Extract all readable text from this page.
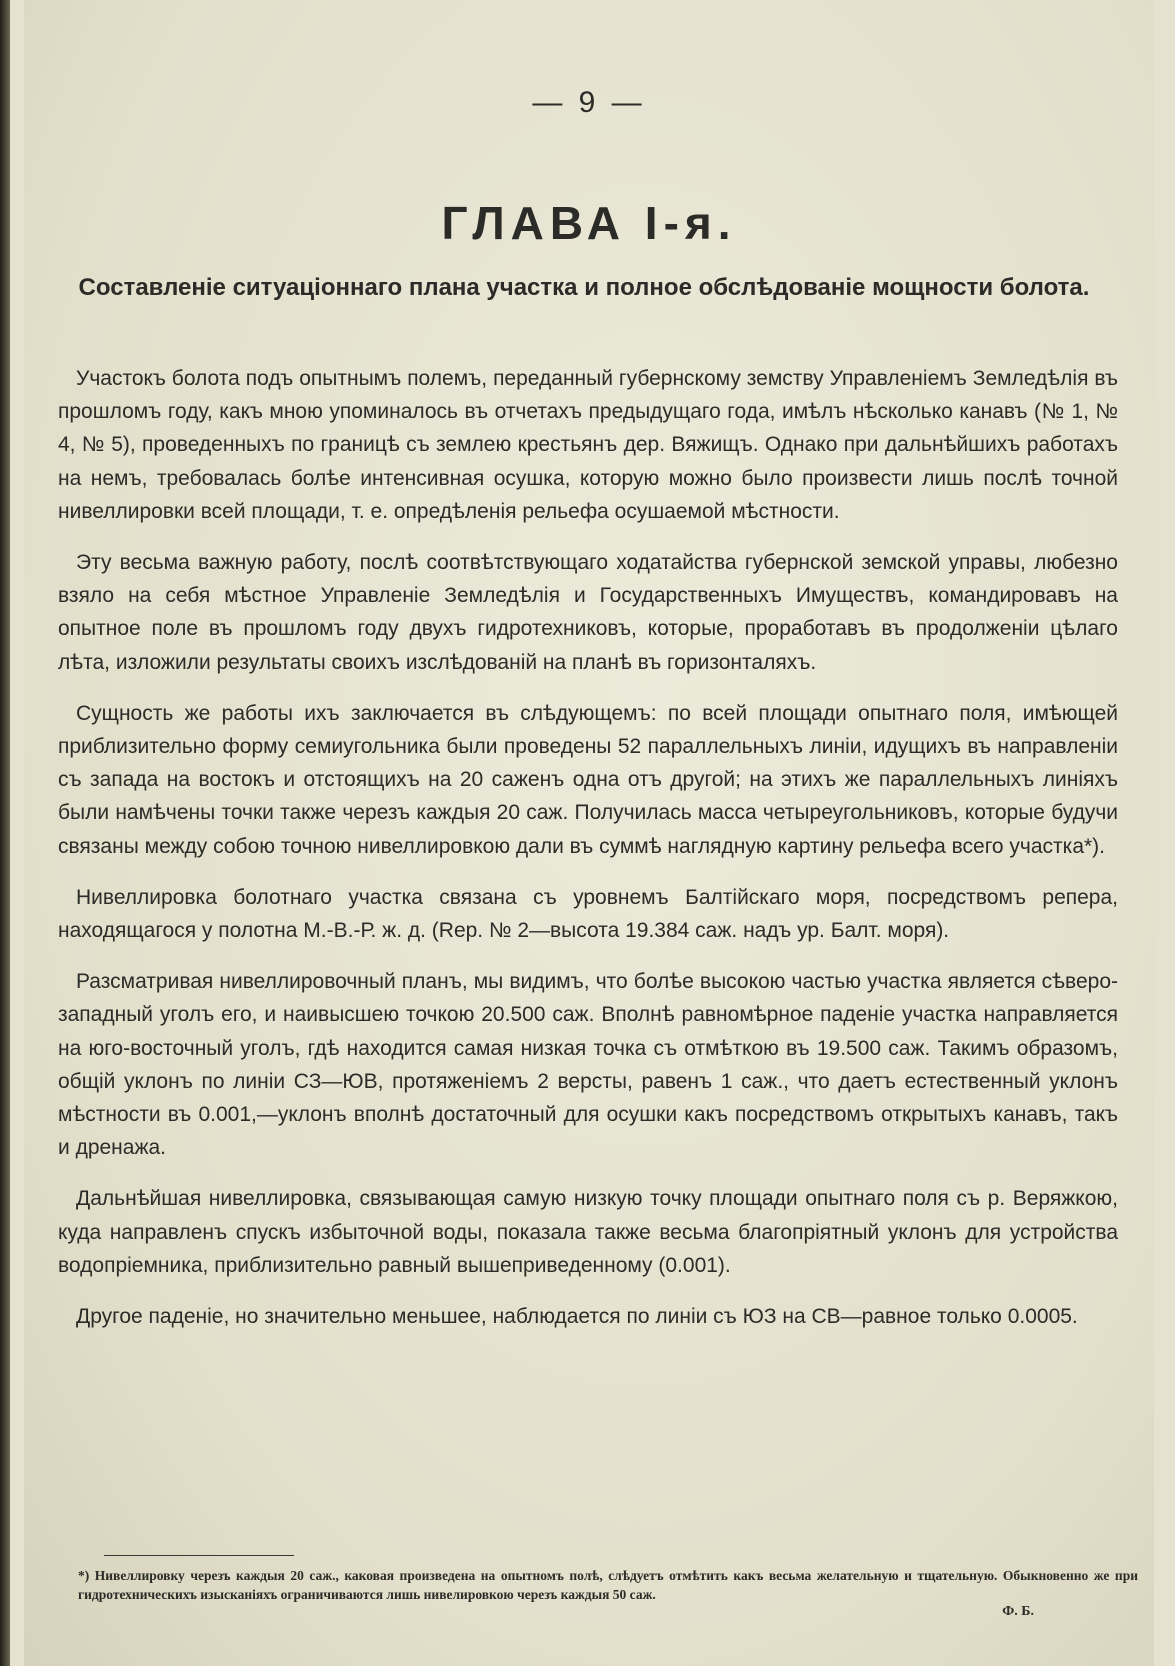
— 9 —
ГЛАВА I-я.
Составленiе ситуацiоннаго плана участка и полное обслѣдованiе мощности болота.

Участокъ болота подъ опытнымъ полемъ, переданный губернскому земству Управленiемъ Земледѣлiя въ прошломъ году, какъ мною упоминалось въ отчетахъ предыдущаго года, имѣлъ нѣсколько канавъ (№ 1, № 4, № 5), проведенныхъ по границѣ съ землею крестьянъ дер. Вяжищъ. Однако при дальнѣйшихъ работахъ на немъ, требовалась болѣе интенсивная осушка, которую можно было произвести лишь послѣ точной нивеллировки всей площади, т. е. опредѣленiя рельефа осушаемой мѣстности.

Эту весьма важную работу, послѣ соотвѣтствующаго ходатайства губернской земской управы, любезно взяло на себя мѣстное Управленiе Земледѣлiя и Государственныхъ Имуществъ, командировавъ на опытное поле въ прошломъ году двухъ гидротехниковъ, которые, проработавъ въ продолженiи цѣлаго лѣта, изложили результаты своихъ изслѣдованiй на планѣ въ горизонталяхъ.

Сущность же работы ихъ заключается въ слѣдующемъ: по всей площади опытнаго поля, имѣющей приблизительно форму семиугольника были проведены 52 параллельныхъ линiи, идущихъ въ направленiи съ запада на востокъ и отстоящихъ на 20 саженъ одна отъ другой; на этихъ же параллельныхъ линiяхъ были намѣчены точки также черезъ каждыя 20 саж. Получилась масса четыреугольниковъ, которые будучи связаны между собою точною нивеллировкою дали въ суммѣ наглядную картину рельефа всего участка*).

Нивеллировка болотнаго участка связана съ уровнемъ Балтiйскаго моря, посредствомъ репера, находящагося у полотна М.-В.-Р. ж. д. (Rep. № 2—высота 19.384 саж. надъ ур. Балт. моря).

Разсматривая нивеллировочный планъ, мы видимъ, что болѣе высокою частью участка является сѣверо-западный уголъ его, и наивысшею точкою 20.500 саж. Вполнѣ равномѣрное паденiе участка направляется на юго-восточный уголъ, гдѣ находится самая низкая точка съ отмѣткою въ 19.500 саж. Такимъ образомъ, общiй уклонъ по линiи СЗ—ЮВ, протяженiемъ 2 версты, равенъ 1 саж., что даетъ естественный уклонъ мѣстности въ 0.001,—уклонъ вполнѣ достаточный для осушки какъ посредствомъ открытыхъ канавъ, такъ и дренажа.

Дальнѣйшая нивеллировка, связывающая самую низкую точку площади опытнаго поля съ р. Веряжкою, куда направленъ спускъ избыточной воды, показала также весьма благопрiятный уклонъ для устройства водопрiемника, приблизительно равный вышеприведенному (0.001).

Другое паденiе, но значительно меньшее, наблюдается по линiи съ ЮЗ на СВ—равное только 0.0005.

*) Нивеллировку черезъ каждыя 20 саж., каковая произведена на опытномъ полѣ, слѣдуетъ отмѣтить какъ весьма желательную и тщательную. Обыкновенно же при гидротехническихъ изысканiяхъ ограничиваются лишь нивелировкою черезъ каждыя 50 саж.
Ф. Б.
